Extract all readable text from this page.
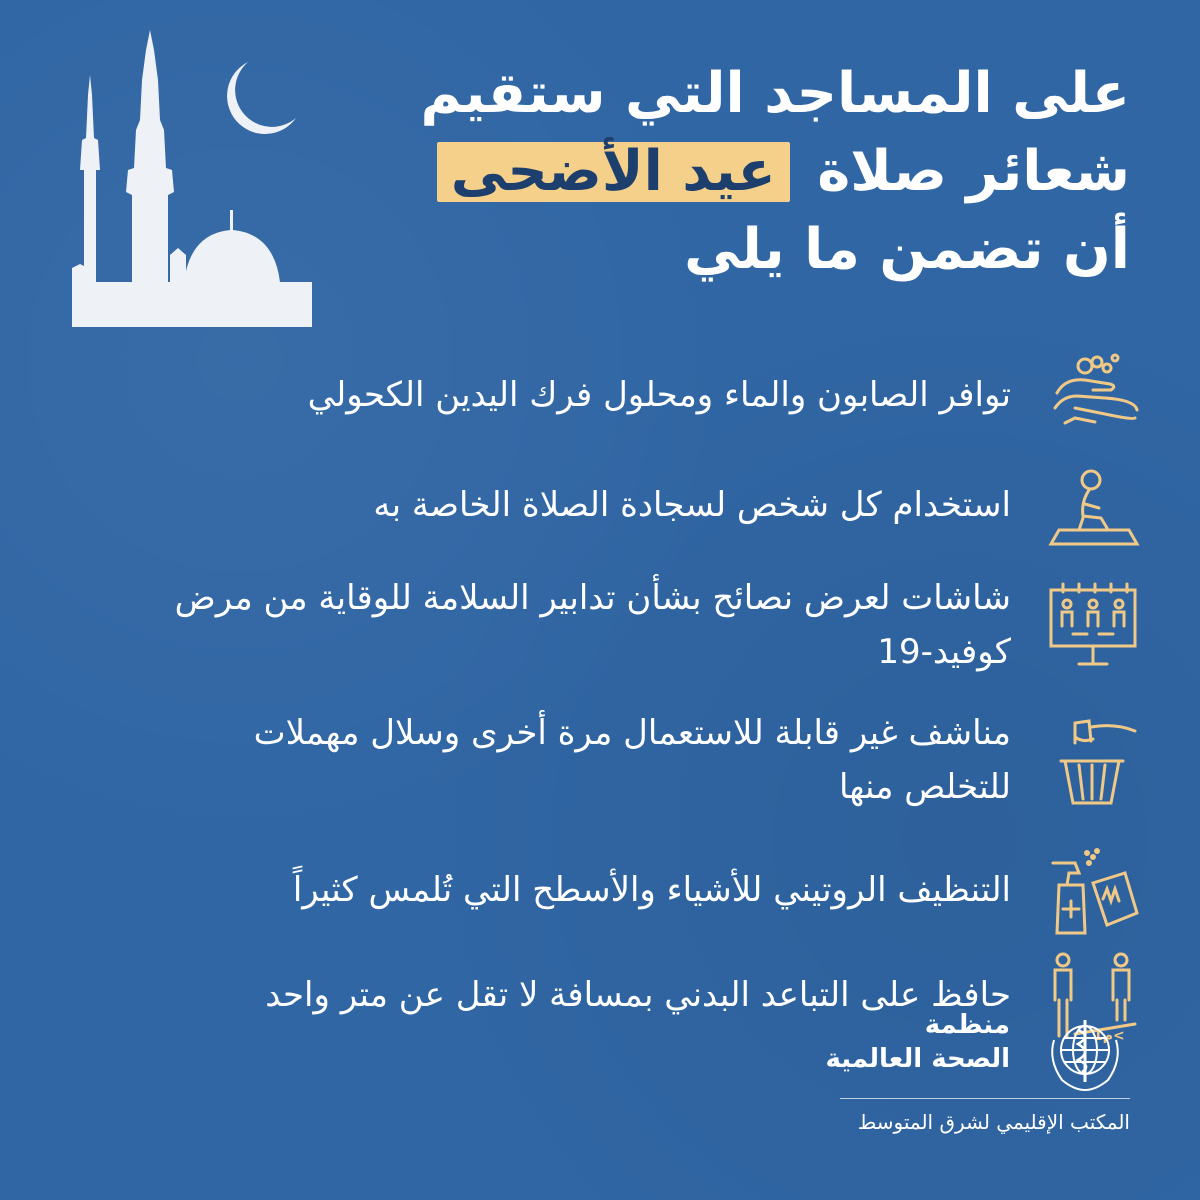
على المساجد التي ستقيم
شعائر صلاة عيد الأضحى
أن تضمن ما يلي
توافر الصابون والماء ومحلول فرك اليدين الكحولي
استخدام كل شخص لسجادة الصلاة الخاصة به
شاشات لعرض نصائح بشأن تدابير السلامة للوقاية من مرض كوفيد-19
مناشف غير قابلة للاستعمال مرة أخرى وسلال مهملات للتخلص منها
التنظيف الروتيني للأشياء والأسطح التي تُلمس كثيراً
م1<
حافظ على التباعد البدني بمسافة لا تقل عن متر واحد
منظمة
الصحة العالمية
المكتب الإقليمي لشرق المتوسط
